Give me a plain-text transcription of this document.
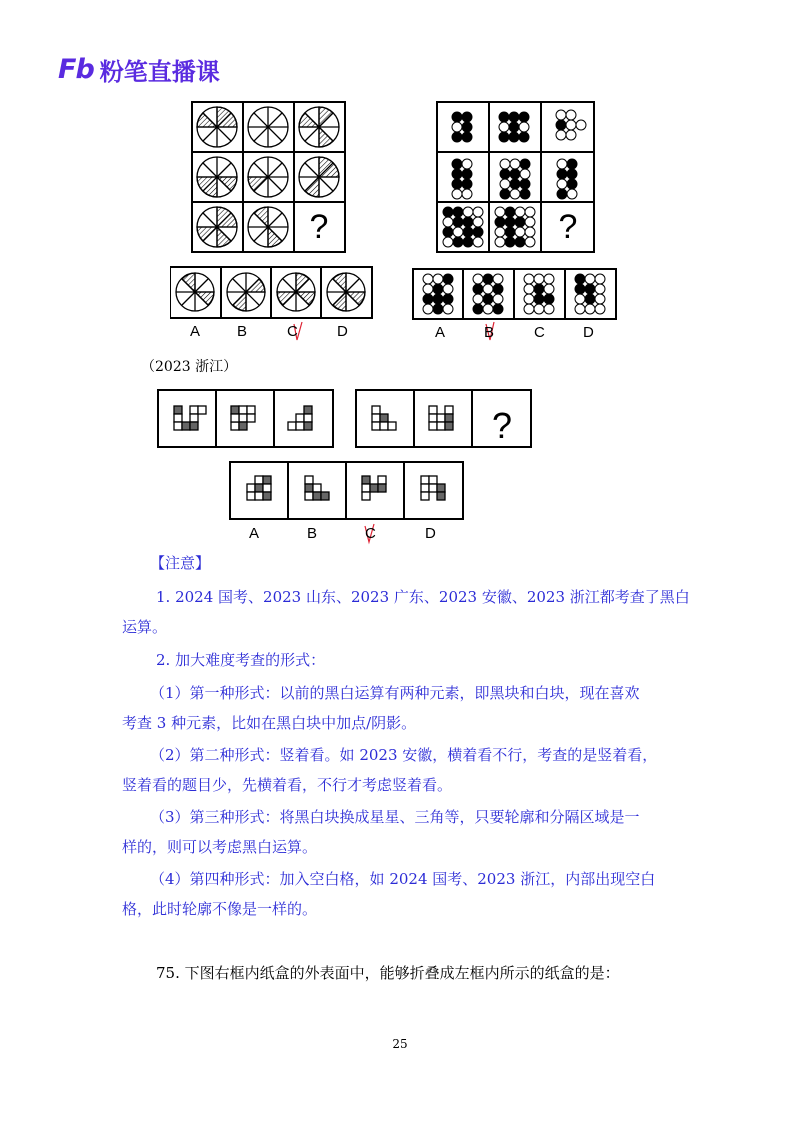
Fb 粉笔直播课
?
A B	C	D
?
A	B	C	D
（2023 浙江）
?
A	B	C	D
【注意】
1. 2024 国考、2023 山东、2023 广东、2023 安徽、2023 浙江都考查了黑白
运算。
2. 加大难度考查的形式：
（1）第一种形式：以前的黑白运算有两种元素，即黑块和白块，现在喜欢
考查 3 种元素，比如在黑白块中加点/阴影。
（2）第二种形式：竖着看。如 2023 安徽，横着看不行，考查的是竖着看，
竖着看的题目少，先横着看，不行才考虑竖着看。
（3）第三种形式：将黑白块换成星星、三角等，只要轮廓和分隔区域是一
样的，则可以考虑黑白运算。
（4）第四种形式：加入空白格，如 2024 国考、2023 浙江，内部出现空白
格，此时轮廓不像是一样的。
75. 下图右框内纸盒的外表面中，能够折叠成左框内所示的纸盒的是：
25
